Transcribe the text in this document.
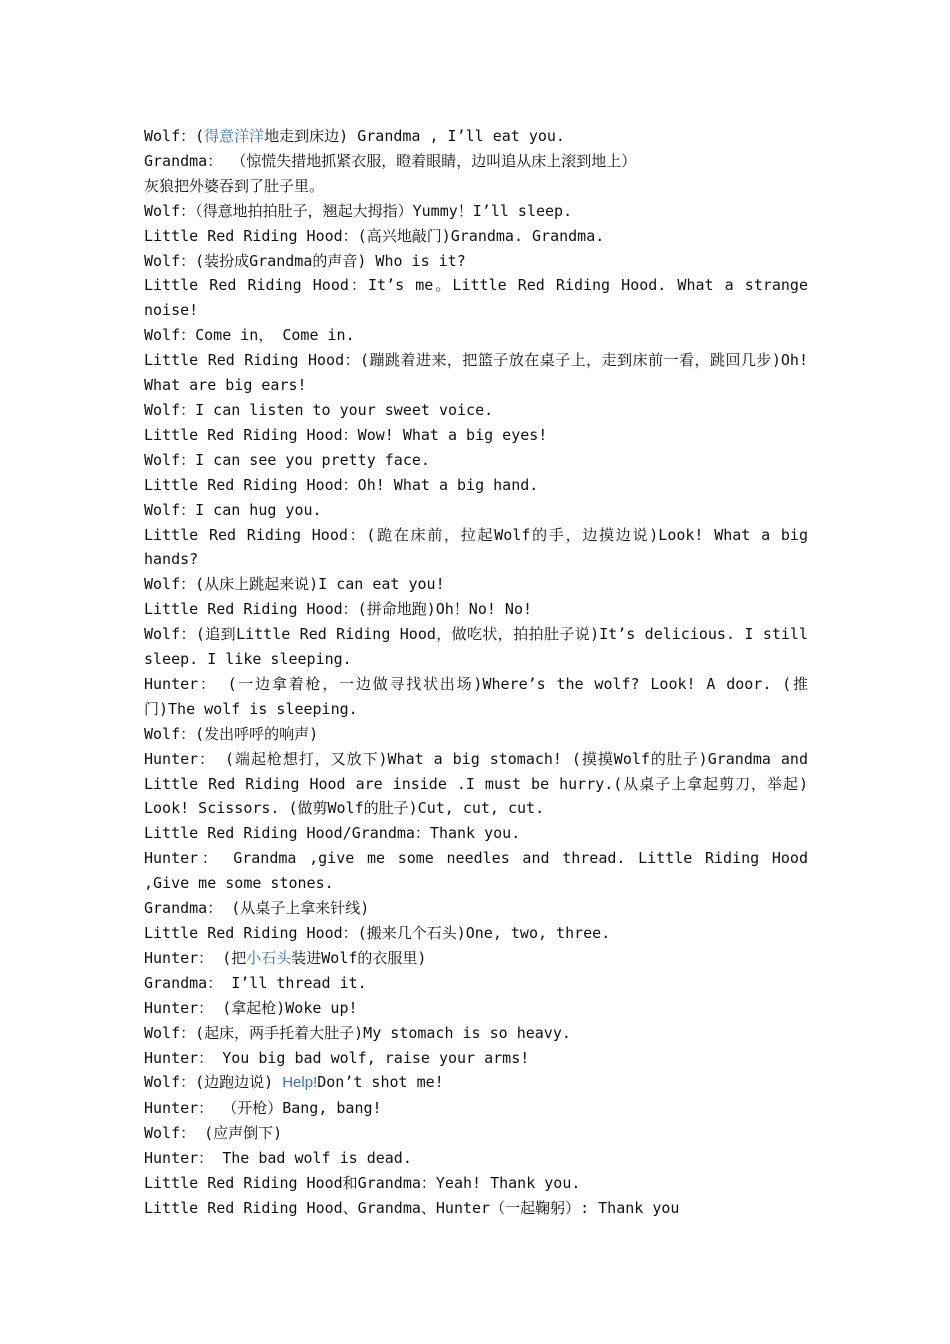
Wolf：(得意洋洋地走到床边) Grandma , I’ll eat you.

Grandma： （惊慌失措地抓紧衣服，瞪着眼睛，边叫追从床上滚到地上）

灰狼把外婆吞到了肚子里。

Wolf：（得意地拍拍肚子，翘起大拇指）Yummy！I’ll sleep.

Little Red Riding Hood：(高兴地敲门)Grandma. Grandma.

Wolf：(装扮成Grandma的声音) Who is it?

Little Red Riding Hood：It’s me。Little Red Riding Hood. What a strange noise!

Wolf：Come in， Come in.

Little Red Riding Hood：(蹦跳着进来，把篮子放在桌子上，走到床前一看，跳回几步)Oh! What are big ears!

Wolf：I can listen to your sweet voice.

Little Red Riding Hood：Wow! What a big eyes!

Wolf：I can see you pretty face.

Little Red Riding Hood：Oh! What a big hand.

Wolf：I can hug you.

Little Red Riding Hood：(跪在床前，拉起Wolf的手，边摸边说)Look! What a big hands?

Wolf：(从床上跳起来说)I can eat you!

Little Red Riding Hood：(拼命地跑)Oh！No! No!

Wolf：(追到Little Red Riding Hood，做吃状，拍拍肚子说)It’s delicious. I still sleep. I like sleeping.

Hunter： (一边拿着枪，一边做寻找状出场)Where’s the wolf? Look! A door. (推门)The wolf is sleeping.

Wolf：(发出呼呼的响声)

Hunter： (端起枪想打，又放下)What a big stomach! (摸摸Wolf的肚子)Grandma and Little Red Riding Hood are inside .I must be hurry.(从桌子上拿起剪刀，举起) Look! Scissors. (做剪Wolf的肚子)Cut, cut, cut.

Little Red Riding Hood/Grandma：Thank you.

Hunter： Grandma ,give me some needles and thread. Little Riding Hood ,Give me some stones.

Grandma： (从桌子上拿来针线)

Little Red Riding Hood：(搬来几个石头)One, two, three.

Hunter： (把小石头装进Wolf的衣服里)

Grandma： I’ll thread it.

Hunter： (拿起枪)Woke up!

Wolf：(起床，两手托着大肚子)My stomach is so heavy.

Hunter： You big bad wolf, raise your arms!

Wolf：(边跑边说) Help!Don’t shot me!

Hunter： （开枪）Bang, bang!

Wolf： (应声倒下)

Hunter： The bad wolf is dead.

Little Red Riding Hood和Grandma：Yeah! Thank you.

Little Red Riding Hood、Grandma、Hunter（一起鞠躬）: Thank you
